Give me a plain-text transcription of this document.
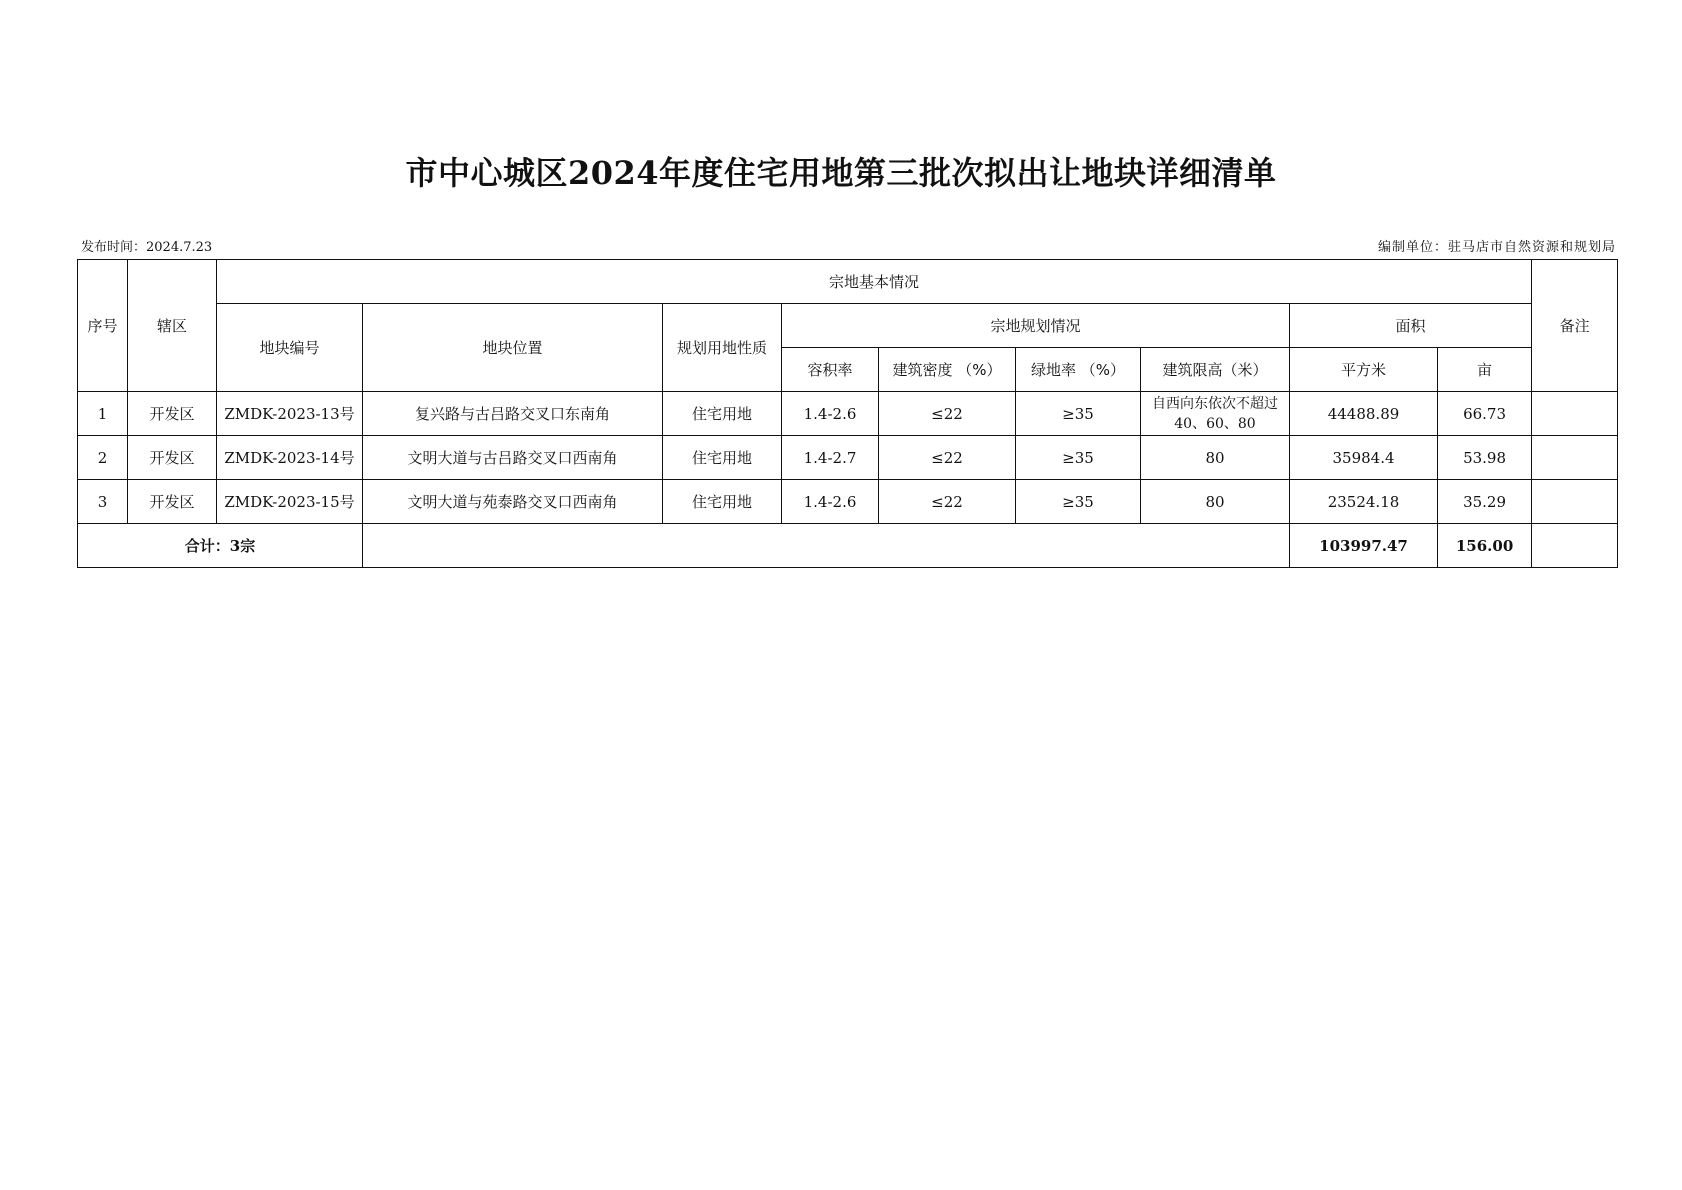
市中心城区2024年度住宅用地第三批次拟出让地块详细清单
发布时间：2024.7.23	编制单位：驻马店市自然资源和规划局
序号	辖区	宗地基本情况									备注
		地块编号	地块位置	规划用地性质	宗地规划情况				面积		
					容积率	建筑密度 （%）	绿地率 （%）	建筑限高（米）	平方米	亩	
1	开发区	ZMDK-2023-13号	复兴路与古吕路交叉口东南角	住宅用地	1.4-2.6	≤22	≥35	自西向东依次不超过40、60、80	44488.89	66.73	
2	开发区	ZMDK-2023-14号	文明大道与古吕路交叉口西南角	住宅用地	1.4-2.7	≤22	≥35	80	35984.4	53.98	
3	开发区	ZMDK-2023-15号	文明大道与苑泰路交叉口西南角	住宅用地	1.4-2.6	≤22	≥35	80	23524.18	35.29	
合计：3宗									103997.47	156.00	
